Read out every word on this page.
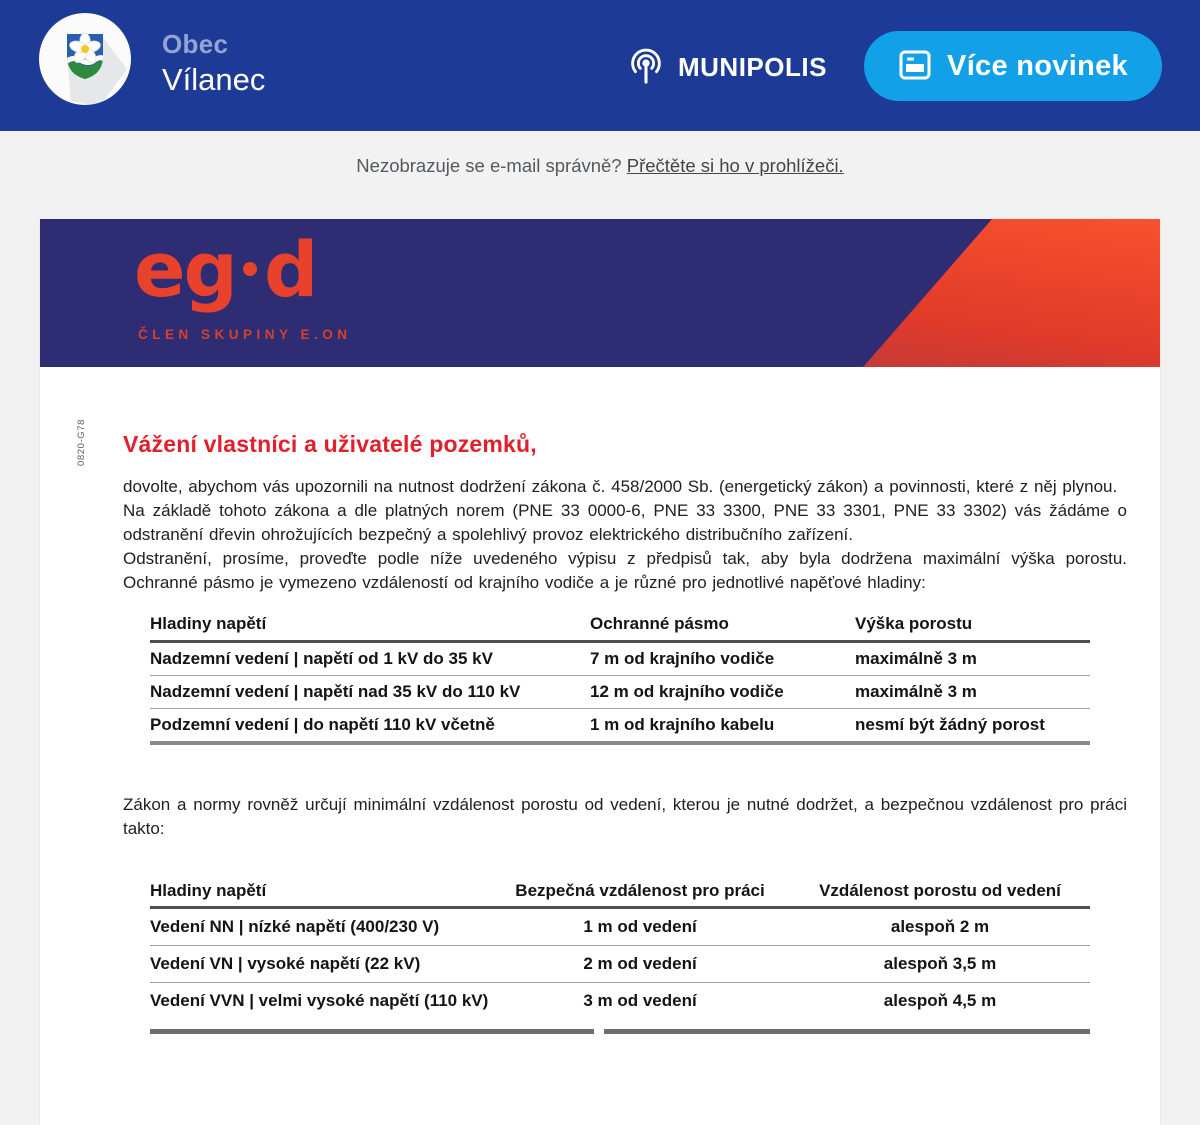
Obec
Vílanec	MUNIPOLIS	Více novinek
Nezobrazuje se e-mail správně? Přečtěte si ho v prohlížeči.
eg d
ČLEN SKUPINY E.ON
0820-G78 Vážení vlastníci a uživatelé pozemků,

dovolte, abychom vás upozornili na nutnost dodržení zákona č. 458/2000 Sb. (energetický zákon) a povinnosti, které z něj plynou.

Na základě tohoto zákona a dle platných norem (PNE 33 0000-6, PNE 33 3300, PNE 33 3301, PNE 33 3302) vás žádáme o odstranění dřevin ohrožujících bezpečný a spolehlivý provoz elektrického distribučního zařízení.

Odstranění, prosíme, proveďte podle níže uvedeného výpisu z předpisů tak, aby byla dodržena maximální výška porostu. Ochranné pásmo je vymezeno vzdáleností od krajního vodiče a je různé pro jednotlivé napěťové hladiny:

Hladiny napětí	Ochranné pásmo	Výška porostu
Nadzemní vedení | napětí od 1 kV do 35 kV	7 m od krajního vodiče	maximálně 3 m
Nadzemní vedení | napětí nad 35 kV do 110 kV	12 m od krajního vodiče	maximálně 3 m
Podzemní vedení | do napětí 110 kV včetně	1 m od krajního kabelu	nesmí být žádný porost

Zákon a normy rovněž určují minimální vzdálenost porostu od vedení, kterou je nutné dodržet, a bezpečnou vzdálenost pro práci takto:

Hladiny napětí	Bezpečná vzdálenost pro práci	Vzdálenost porostu od vedení
Vedení NN | nízké napětí (400/230 V)	1 m od vedení	alespoň 2 m
Vedení VN | vysoké napětí (22 kV)	2 m od vedení	alespoň 3,5 m
Vedení VVN | velmi vysoké napětí (110 kV)	3 m od vedení	alespoň 4,5 m
